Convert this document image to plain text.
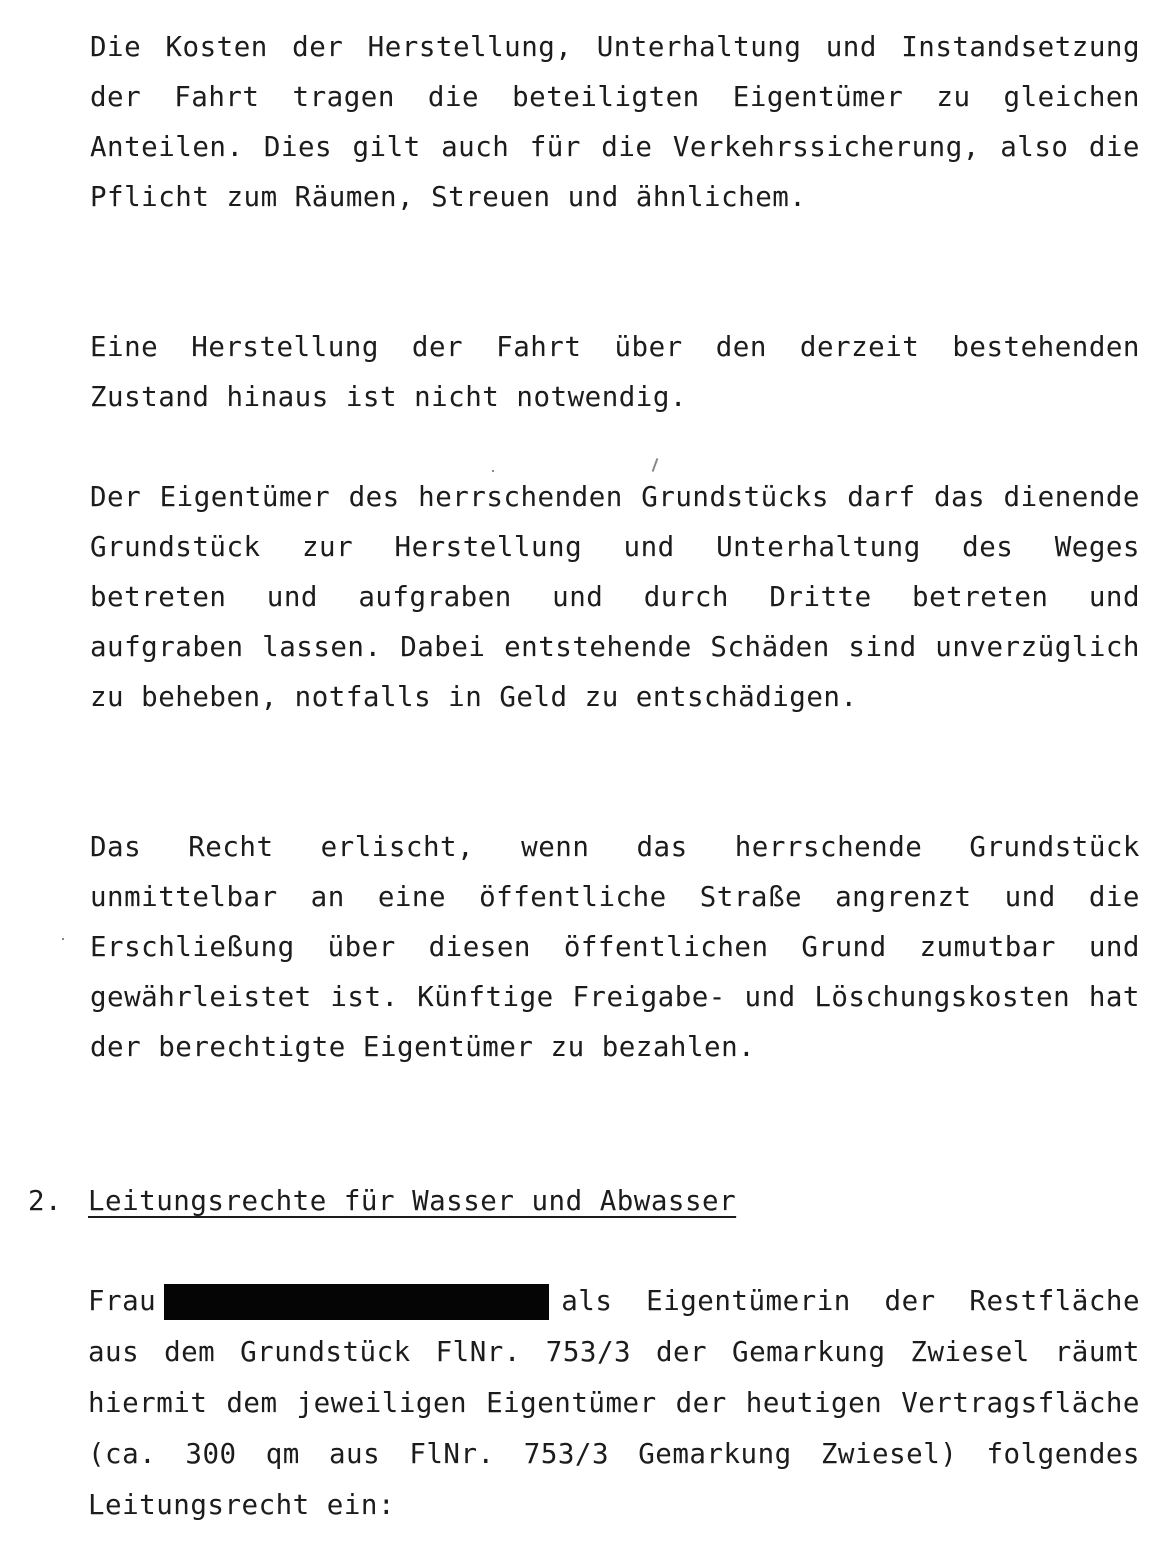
Die Kosten der Herstellung, Unterhaltung und Instandsetzung der Fahrt tragen die beteiligten Eigentümer zu gleichen Anteilen. Dies gilt auch für die Verkehrssicherung, also die Pflicht zum Räumen, Streuen und ähnlichem.

Eine Herstellung der Fahrt über den derzeit bestehenden Zustand hinaus ist nicht notwendig.

Der Eigentümer des herrschenden Grundstücks darf das dienende Grundstück zur Herstellung und Unterhaltung des Weges betreten und aufgraben und durch Dritte betreten und aufgraben lassen. Dabei entstehende Schäden sind unverzüglich zu beheben, notfalls in Geld zu entschädigen.

Das Recht erlischt, wenn das herrschende Grundstück unmittelbar an eine öffentliche Straße angrenzt und die Erschließung über diesen öffentlichen Grund zumutbar und gewährleistet ist. Künftige Freigabe- und Löschungskosten hat der berechtigte Eigentümer zu bezahlen.

2. Leitungsrechte für Wasser und Abwasser

Frau	als Eigentümerin der Restfläche aus dem Grundstück FlNr. 753/3 der Gemarkung Zwiesel räumt hiermit dem jeweiligen Eigentümer der heutigen Vertragsfläche (ca. 300 qm aus FlNr. 753/3 Gemarkung Zwiesel) folgendes Leitungsrecht ein:
